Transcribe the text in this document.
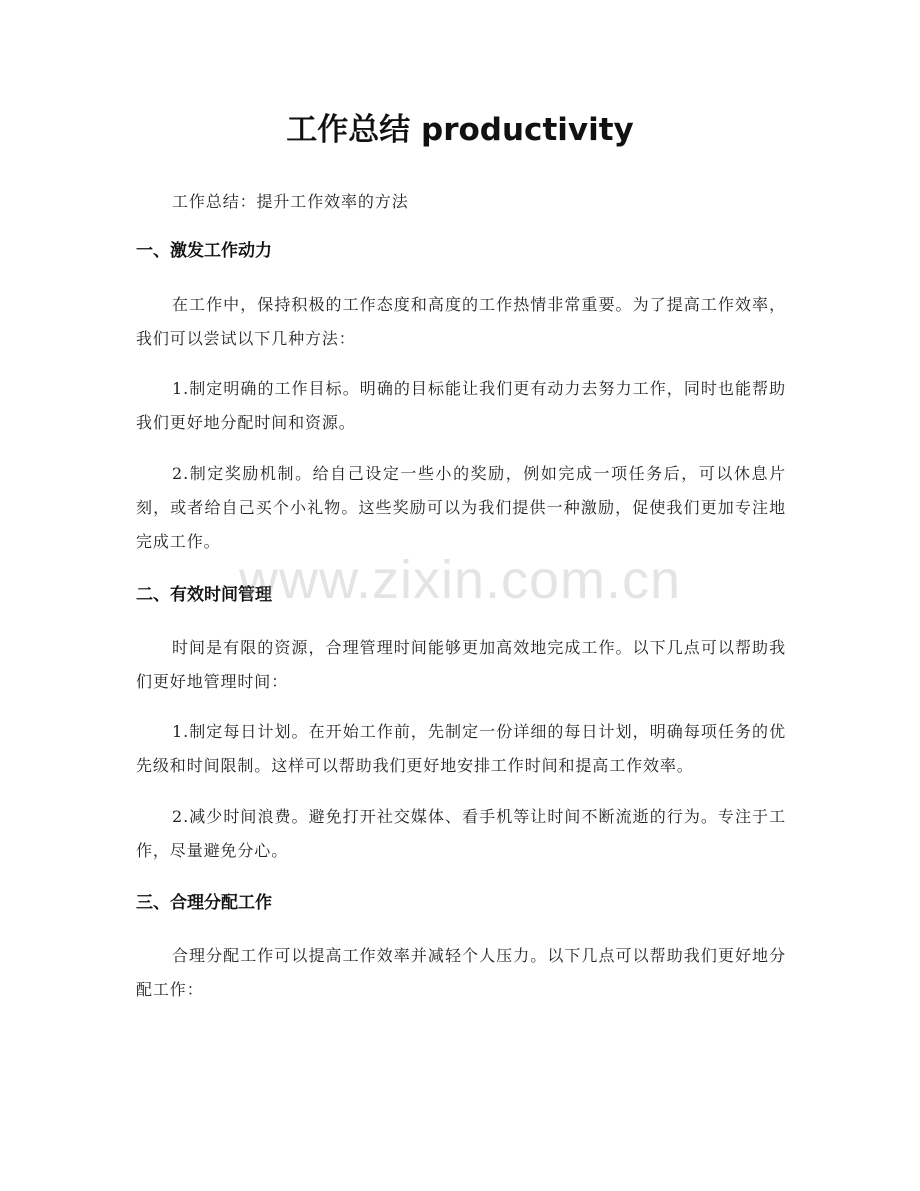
工作总结 productivity

工作总结：提升工作效率的方法

一、激发工作动力

在工作中，保持积极的工作态度和高度的工作热情非常重要。为了提高工作效率，我们可以尝试以下几种方法：

1.制定明确的工作目标。明确的目标能让我们更有动力去努力工作，同时也能帮助我们更好地分配时间和资源。

2.制定奖励机制。给自己设定一些小的奖励，例如完成一项任务后，可以休息片刻，或者给自己买个小礼物。这些奖励可以为我们提供一种激励，促使我们更加专注地完成工作。

二、有效时间管理

时间是有限的资源，合理管理时间能够更加高效地完成工作。以下几点可以帮助我们更好地管理时间：

1.制定每日计划。在开始工作前，先制定一份详细的每日计划，明确每项任务的优先级和时间限制。这样可以帮助我们更好地安排工作时间和提高工作效率。

2.减少时间浪费。避免打开社交媒体、看手机等让时间不断流逝的行为。专注于工作，尽量避免分心。

三、合理分配工作

合理分配工作可以提高工作效率并减轻个人压力。以下几点可以帮助我们更好地分配工作：

www.zixin.com.cn
